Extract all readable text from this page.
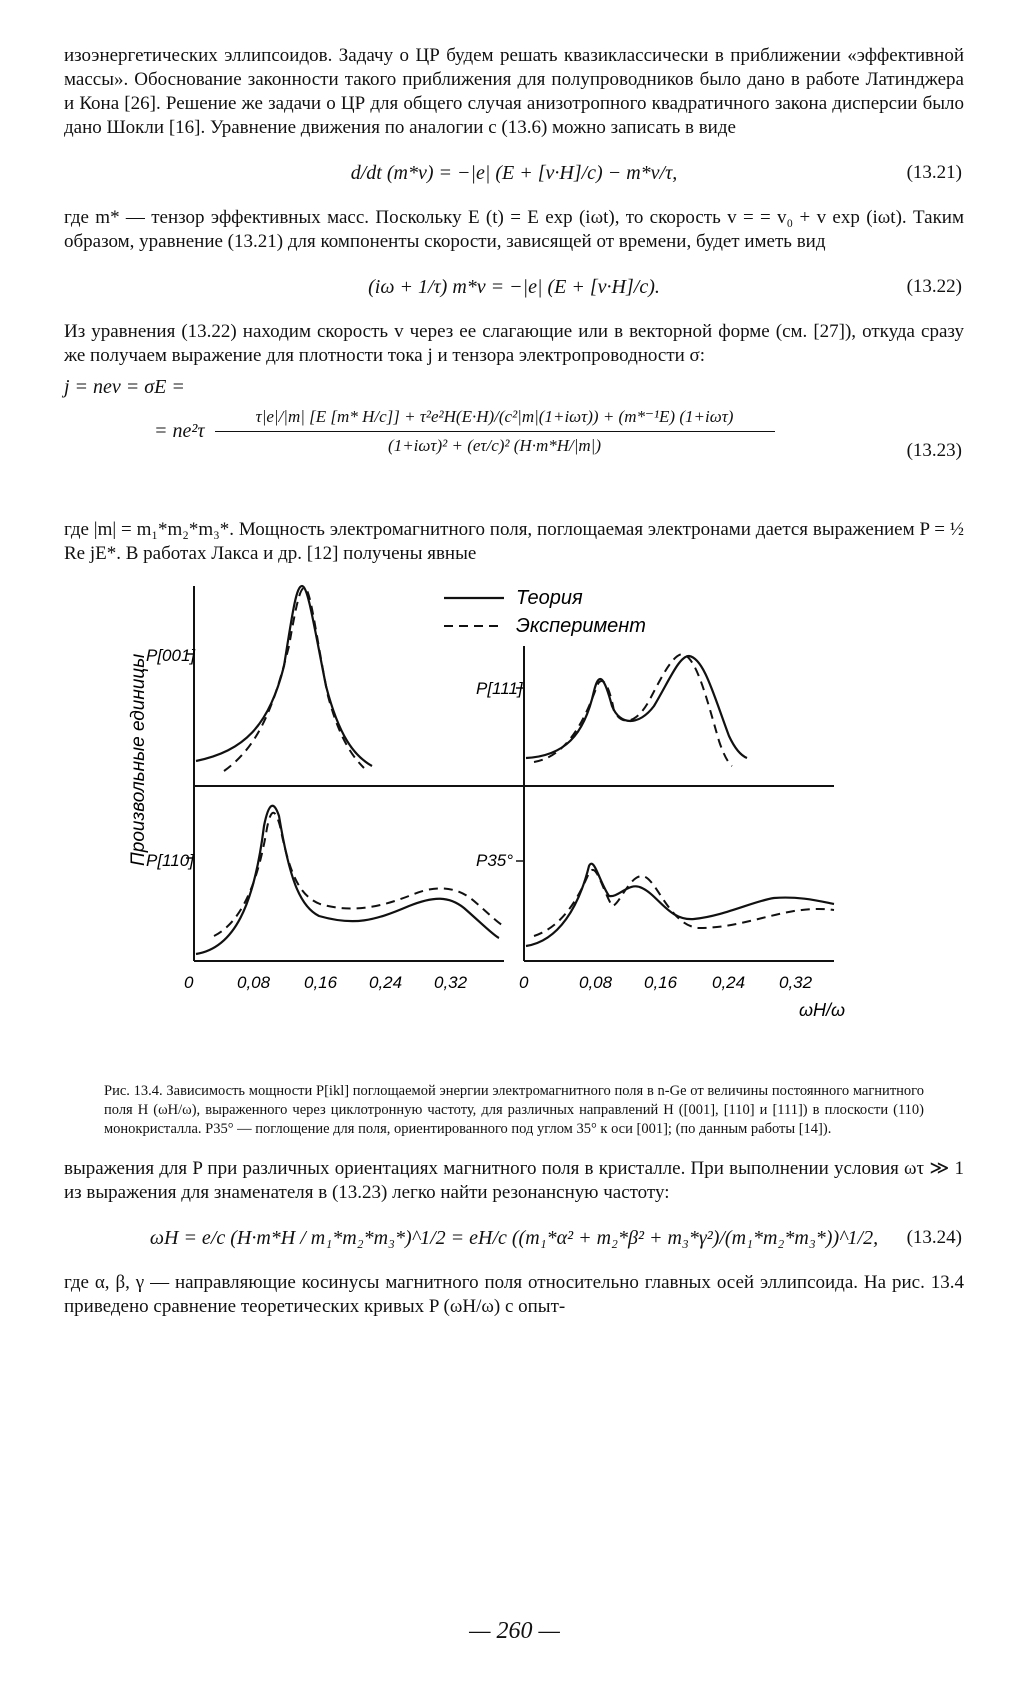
изоэнергетических эллипсоидов. Задачу о ЦР будем решать квазиклассически в приближении «эффективной массы». Обоснование законности такого приближения для полупроводников было дано в работе Латинджера и Кона [26]. Решение же задачи о ЦР для общего случая анизотропного квадратичного закона дисперсии было дано Шокли [16]. Уравнение движения по аналогии с (13.6) можно записать в виде

d/dt (m*v) = −|e| (E + [v·H]/c) − m*v/τ,	(13.21)

где m* — тензор эффективных масс. Поскольку E (t) = E exp (iωt), то скорость v = = v₀ + v exp (iωt). Таким образом, уравнение (13.21) для компоненты скорости, зависящей от времени, будет иметь вид

(iω + 1/τ) m*v = −|e| (E + [v·H]/c).	(13.22)

Из уравнения (13.22) находим скорость v через ее слагающие или в векторной форме (см. [27]), откуда сразу же получаем выражение для плотности тока j и тензора электропроводности σ:

j = nev = σE =
= ne²τ
τ|e|/|m| [E [m* H/c]] + τ²e²H(E·H)/(c²|m|(1+iωτ)) + (m*⁻¹E) (1+iωτ)
(1+iωτ)² + (eτ/c)² (H·m*H/|m|)	(13.23)

где |m| = m₁*m₂*m₃*. Мощность электромагнитного поля, поглощаемая электронами дается выражением P = ½ Re jE*. В работах Лакса и др. [12] получены явные

Теория
Эксперимент
P[001]
P[111]
P[110]	P35°
Произвольные единицы
0	0,08 0,16 0,24 0,32	0	0,08 0,16 0,24 0,32
ωH/ω

Рис. 13.4. Зависимость мощности P[ikl] поглощаемой энергии электромагнитного поля в n-Ge от величины постоянного магнитного поля H (ωH/ω), выраженного через циклотронную частоту, для различных направлений H ([001], [110] и [111]) в плоскости (110) монокристалла. P35° — поглощение для поля, ориентированного под углом 35° к оси [001]; (по данным работы [14]).

выражения для P при различных ориентациях магнитного поля в кристалле. При выполнении условия ωτ ≫ 1 из выражения для знаменателя в (13.23) легко найти резонансную частоту:

ωH = e/c (H·m*H / m₁*m₂*m₃*)^1/2 = eH/c ((m₁*α² + m₂*β² + m₃*γ²)/(m₁*m₂*m₃*))^1/2, (13.24)

где α, β, γ — направляющие косинусы магнитного поля относительно главных осей эллипсоида. На рис. 13.4 приведено сравнение теоретических кривых P (ωH/ω) с опыт-

— 260 —
